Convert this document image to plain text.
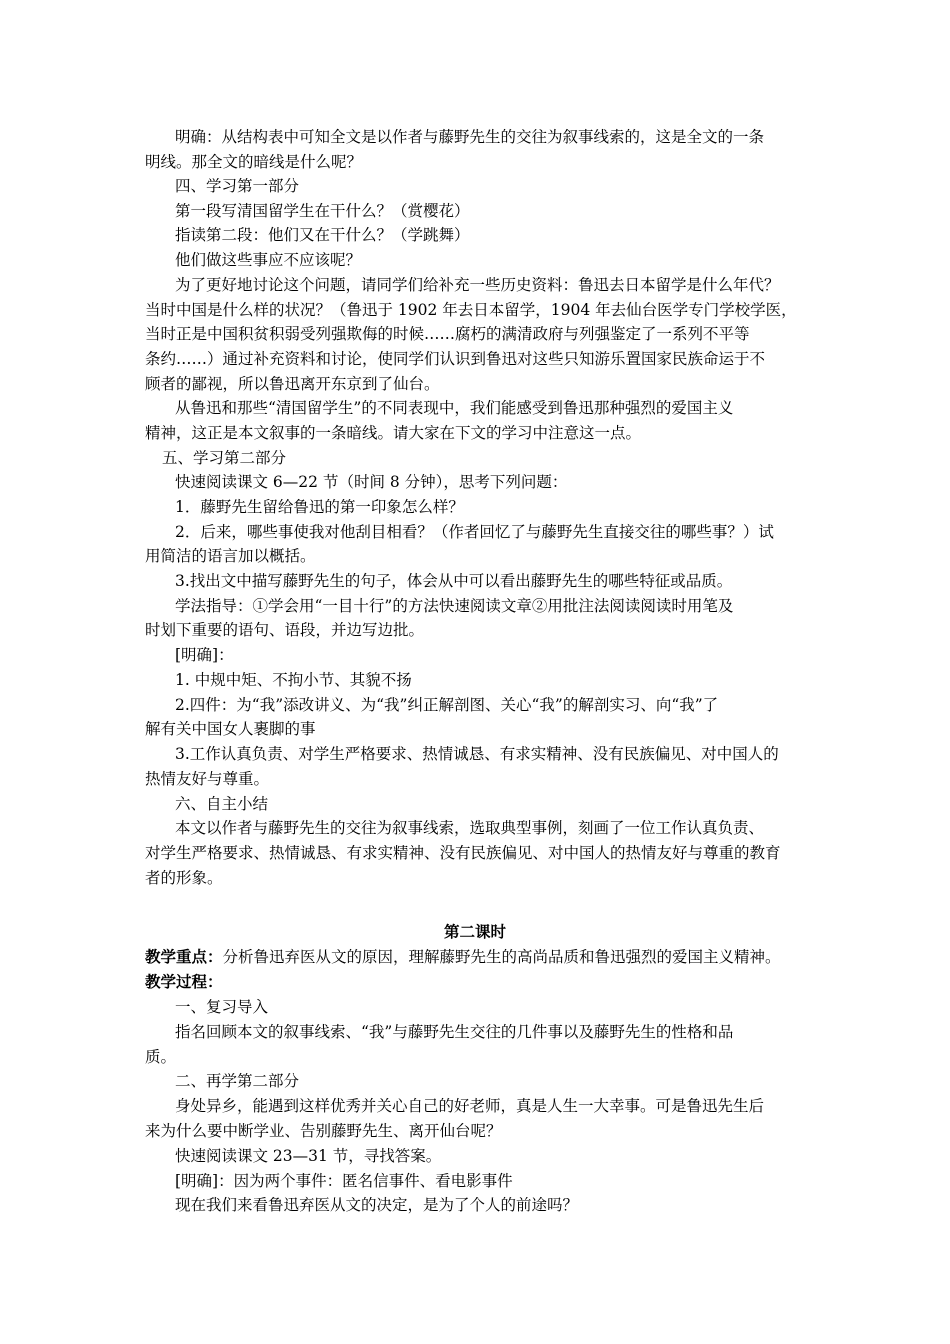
明确：从结构表中可知全文是以作者与藤野先生的交往为叙事线索的，这是全文的一条
明线。那全文的暗线是什么呢？
四、学习第一部分
第一段写清国留学生在干什么？（赏樱花）
指读第二段：他们又在干什么？（学跳舞）
他们做这些事应不应该呢？
为了更好地讨论这个问题，请同学们给补充一些历史资料：鲁迅去日本留学是什么年代？
当时中国是什么样的状况？（鲁迅于 1902 年去日本留学，1904 年去仙台医学专门学校学医，
当时正是中国积贫积弱受列强欺侮的时候……腐朽的满清政府与列强鉴定了一系列不平等
条约……）通过补充资料和讨论，使同学们认识到鲁迅对这些只知游乐置国家民族命运于不
顾者的鄙视，所以鲁迅离开东京到了仙台。
从鲁迅和那些“清国留学生”的不同表现中，我们能感受到鲁迅那种强烈的爱国主义
精神，这正是本文叙事的一条暗线。请大家在下文的学习中注意这一点。
五、学习第二部分
快速阅读课文 6—22 节（时间 8 分钟），思考下列问题：
1．藤野先生留给鲁迅的第一印象怎么样？
2．后来，哪些事使我对他刮目相看？（作者回忆了与藤野先生直接交往的哪些事？）试
用简洁的语言加以概括。
3.找出文中描写藤野先生的句子，体会从中可以看出藤野先生的哪些特征或品质。
学法指导：①学会用“一目十行”的方法快速阅读文章②用批注法阅读阅读时用笔及
时划下重要的语句、语段，并边写边批。
[明确]：
1. 中规中矩、不拘小节、其貌不扬
2.四件：为“我”添改讲义、为“我”纠正解剖图、关心“我”的解剖实习、向“我”了
解有关中国女人裹脚的事
3.工作认真负责、对学生严格要求、热情诚恳、有求实精神、没有民族偏见、对中国人的
热情友好与尊重。
六、自主小结
本文以作者与藤野先生的交往为叙事线索，选取典型事例，刻画了一位工作认真负责、
对学生严格要求、热情诚恳、有求实精神、没有民族偏见、对中国人的热情友好与尊重的教育
者的形象。
第二课时
教学重点：分析鲁迅弃医从文的原因，理解藤野先生的高尚品质和鲁迅强烈的爱国主义精神。
教学过程：
一、复习导入
指名回顾本文的叙事线索、“我”与藤野先生交往的几件事以及藤野先生的性格和品
质。
二、再学第二部分
身处异乡，能遇到这样优秀并关心自己的好老师，真是人生一大幸事。可是鲁迅先生后
来为什么要中断学业、告别藤野先生、离开仙台呢？
快速阅读课文 23—31 节，寻找答案。
[明确]：因为两个事件：匿名信事件、看电影事件
现在我们来看鲁迅弃医从文的决定，是为了个人的前途吗？
